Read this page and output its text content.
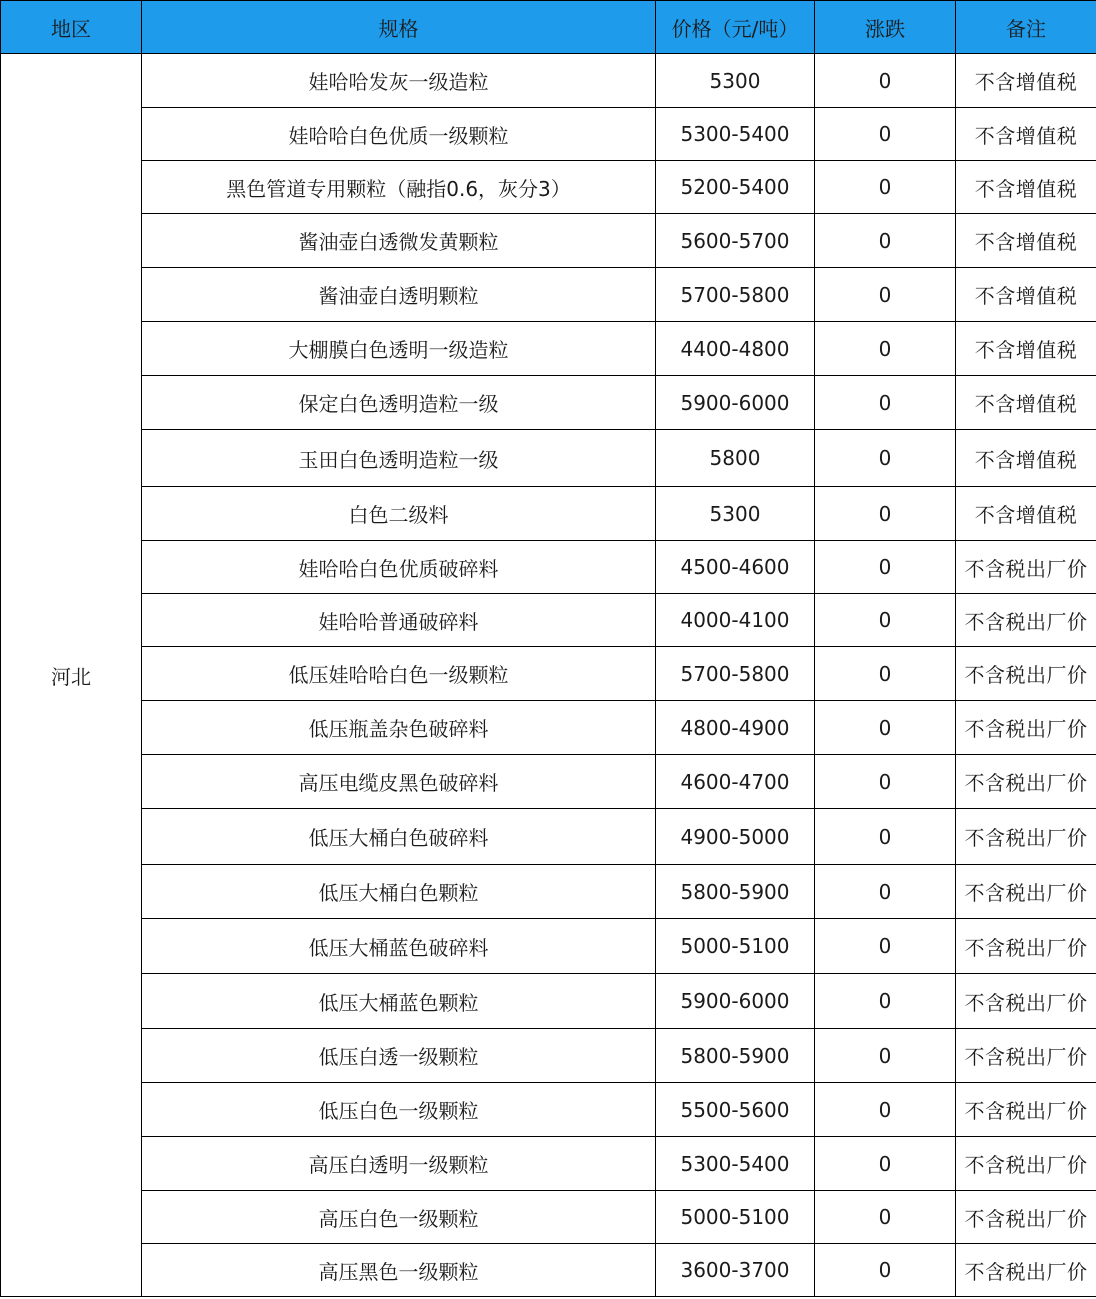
地区	规格	价格（元/吨）	涨跌	备注
河北	娃哈哈发灰一级造粒	5300	0	不含增值税
	娃哈哈白色优质一级颗粒	5300-5400	0	不含增值税
	黑色管道专用颗粒（融指0.6，灰分3）	5200-5400	0	不含增值税
	酱油壶白透微发黄颗粒	5600-5700	0	不含增值税
	酱油壶白透明颗粒	5700-5800	0	不含增值税
	大棚膜白色透明一级造粒	4400-4800	0	不含增值税
	保定白色透明造粒一级	5900-6000	0	不含增值税
	玉田白色透明造粒一级	5800	0	不含增值税
	白色二级料	5300	0	不含增值税
	娃哈哈白色优质破碎料	4500-4600	0	不含税出厂价
	娃哈哈普通破碎料	4000-4100	0	不含税出厂价
	低压娃哈哈白色一级颗粒	5700-5800	0	不含税出厂价
	低压瓶盖杂色破碎料	4800-4900	0	不含税出厂价
	高压电缆皮黑色破碎料	4600-4700	0	不含税出厂价
	低压大桶白色破碎料	4900-5000	0	不含税出厂价
	低压大桶白色颗粒	5800-5900	0	不含税出厂价
	低压大桶蓝色破碎料	5000-5100	0	不含税出厂价
	低压大桶蓝色颗粒	5900-6000	0	不含税出厂价
	低压白透一级颗粒	5800-5900	0	不含税出厂价
	低压白色一级颗粒	5500-5600	0	不含税出厂价
	高压白透明一级颗粒	5300-5400	0	不含税出厂价
	高压白色一级颗粒	5000-5100	0	不含税出厂价
	高压黑色一级颗粒	3600-3700	0	不含税出厂价
